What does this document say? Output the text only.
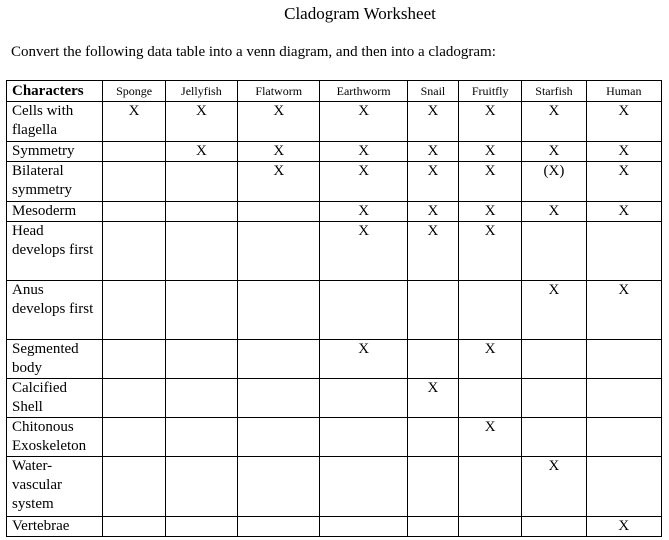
Cladogram Worksheet
Convert the following data table into a venn diagram, and then into a cladogram:
Characters	Sponge	Jellyfish	Flatworm	Earthworm	Snail	Fruitfly	Starfish	Human
Cells with flagella	X	X	X	X	X	X	X	X
Symmetry		X	X	X	X	X	X	X
Bilateral symmetry			X	X	X	X	(X)	X
Mesoderm				X	X	X	X	X
Head develops first				X	X	X		
Anus develops first							X	X
Segmented body				X		X		
Calcified Shell					X			
Chitonous Exoskeleton						X		
Water-vascular system							X	
Vertebrae								X
